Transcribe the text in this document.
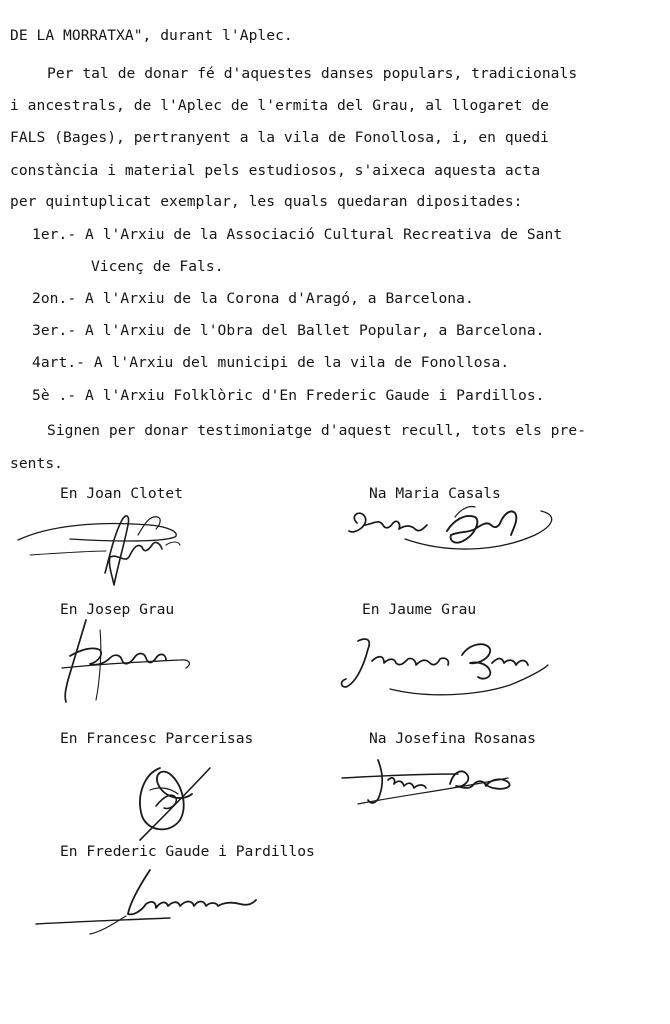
DE LA MORRATXA", durant l'Aplec.
Per tal de donar fé d'aquestes danses populars, tradicionals
i ancestrals, de l'Aplec de l'ermita del Grau, al llogaret de
FALS (Bages), pertranyent a la vila de Fonollosa, i, en quedi
constància i material pels estudiosos, s'aixeca aquesta acta
per quintuplicat exemplar, les quals quedaran dipositades:
1er.- A l'Arxiu de la Associació Cultural Recreativa de Sant
Vicenç de Fals.
2on.- A l'Arxiu de la Corona d'Aragó, a Barcelona.
3er.- A l'Arxiu de l'Obra del Ballet Popular, a Barcelona.
4art.- A l'Arxiu del municipi de la vila de Fonollosa.
5è .- A l'Arxiu Folklòric d'En Frederic Gaude i Pardillos.
Signen per donar testimoniatge d'aquest recull, tots els pre-
sents.
En Joan Clotet	Na Maria Casals
En Josep Grau	En Jaume Grau
En Francesc Parcerisas	Na Josefina Rosanas
En Frederic Gaude i Pardillos
